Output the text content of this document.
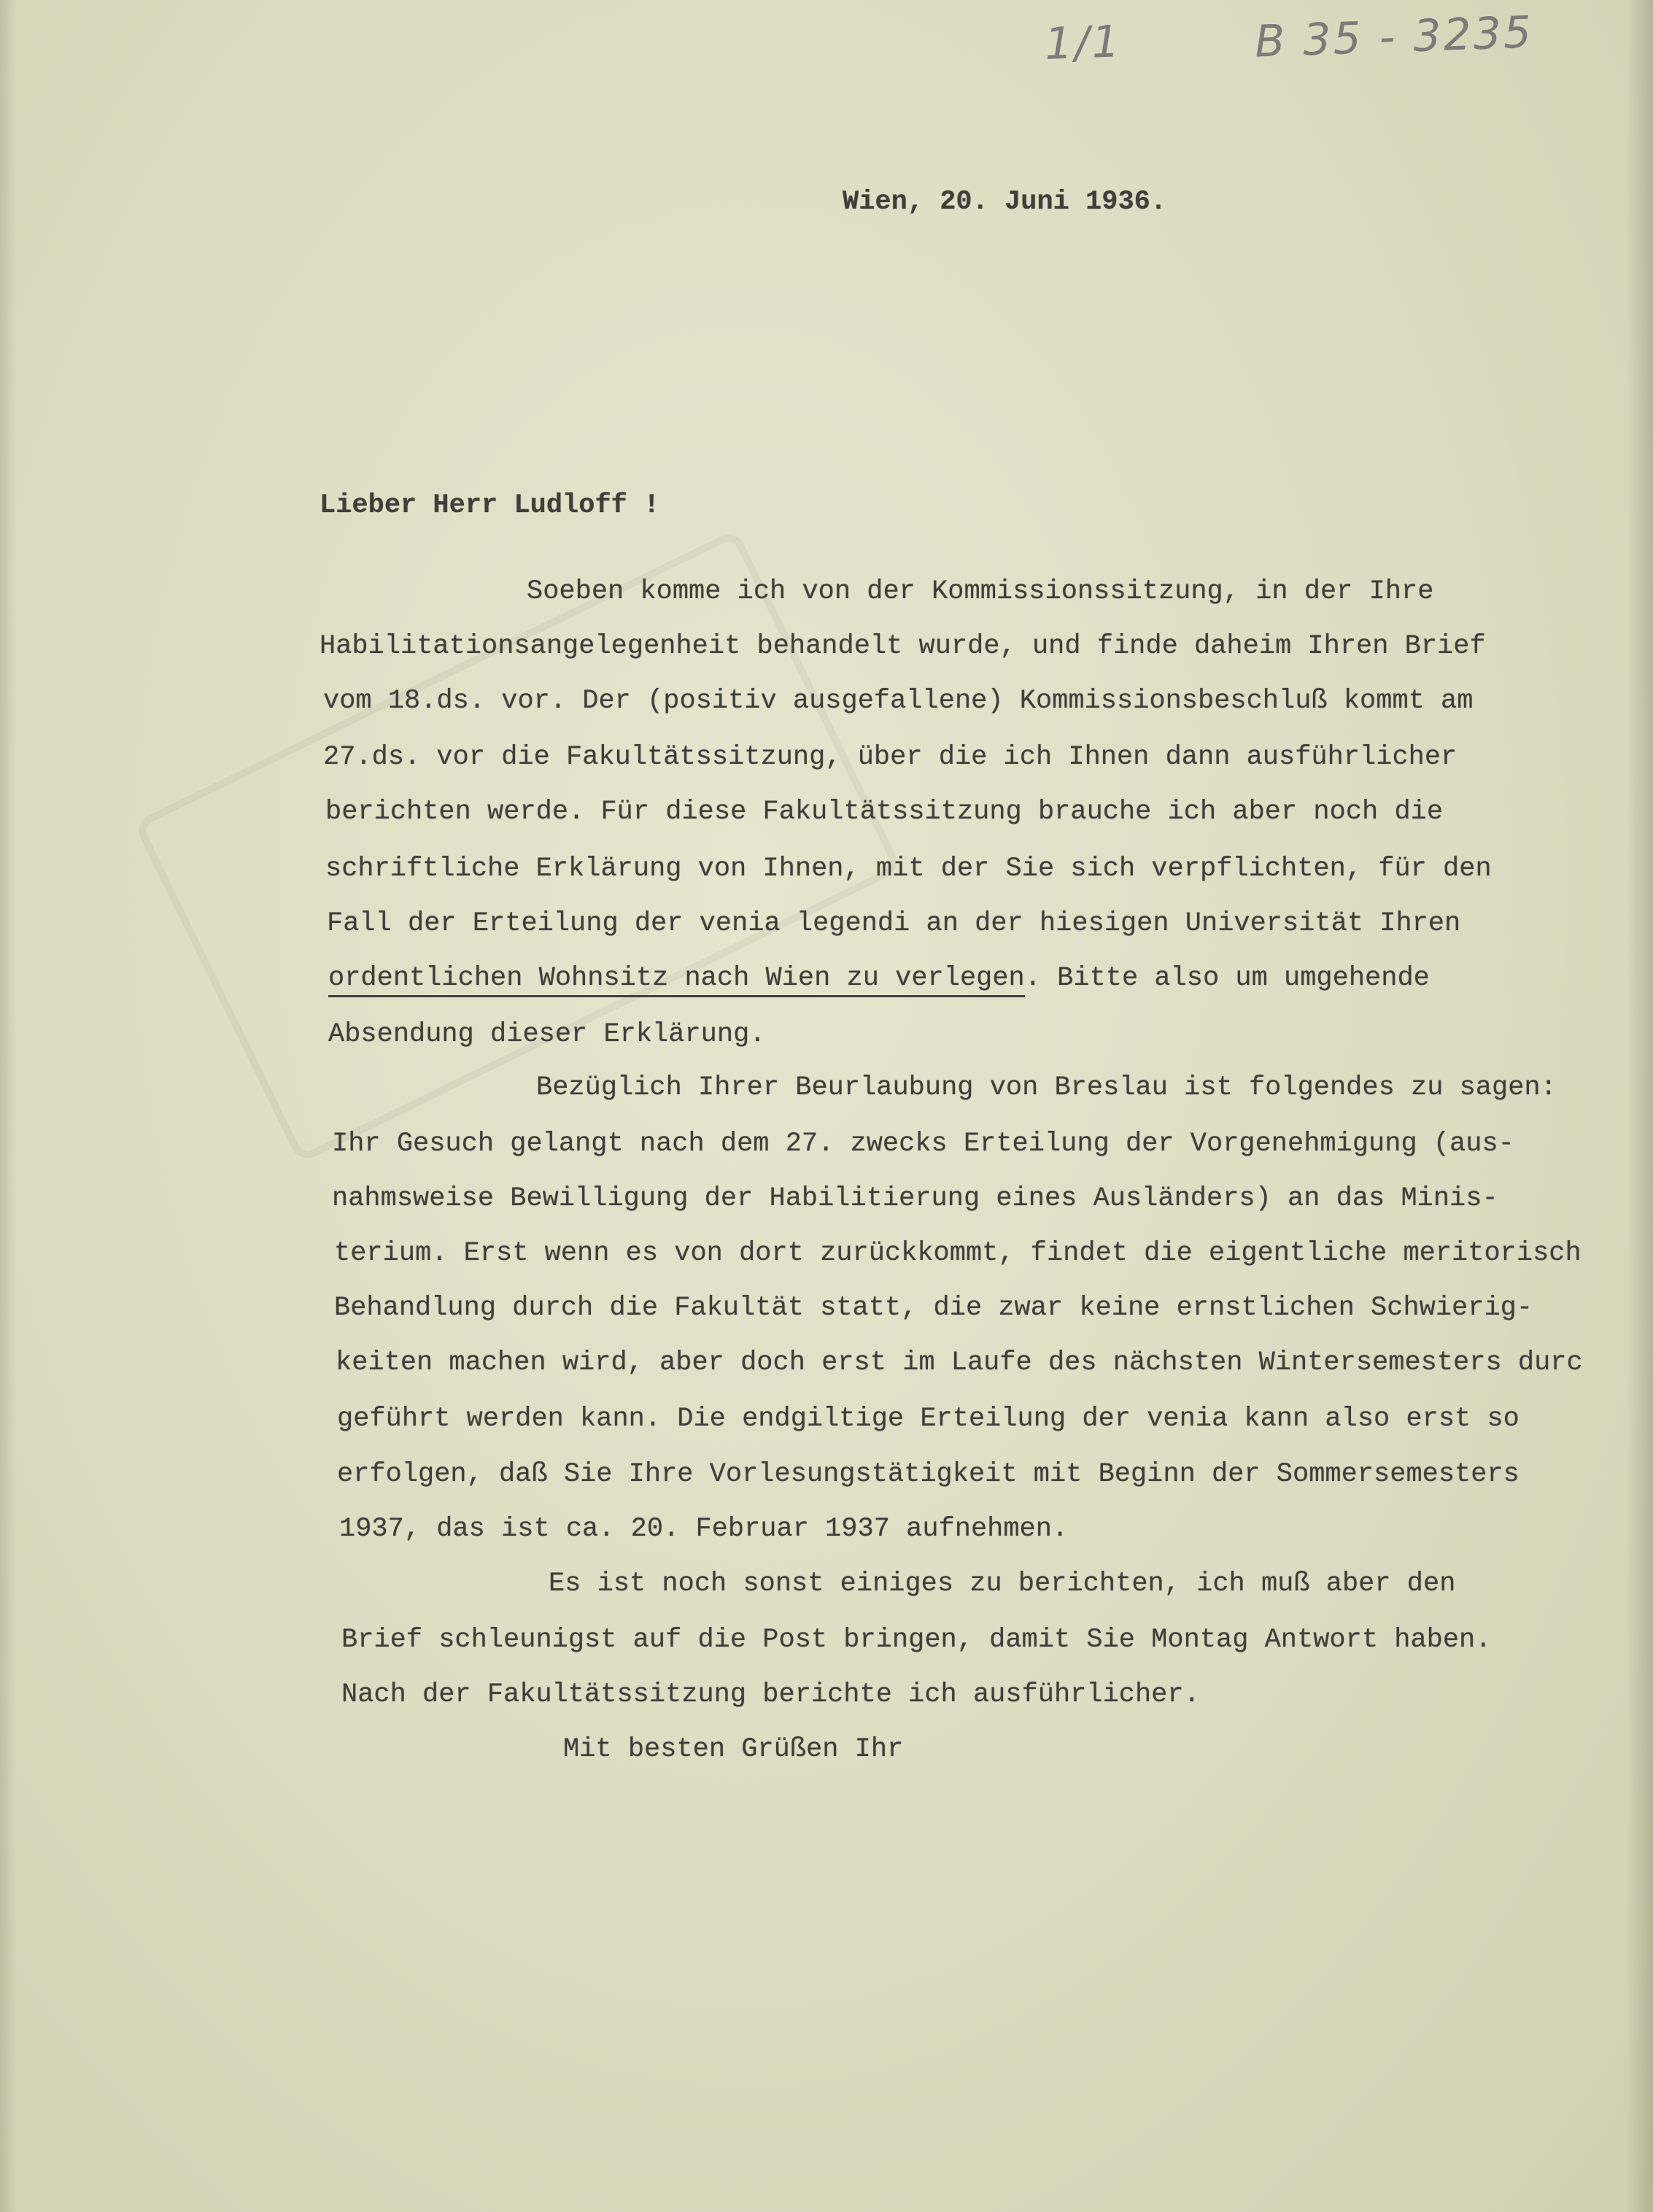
1/1	B 35 - 3235
Wien, 20. Juni 1936.
Lieber Herr Ludloff !
Soeben komme ich von der Kommissionssitzung, in der Ihre
Habilitationsangelegenheit behandelt wurde, und finde daheim Ihren Brief
vom 18.ds. vor. Der (positiv ausgefallene) Kommissionsbeschluß kommt am
27.ds. vor die Fakultätssitzung, über die ich Ihnen dann ausführlicher
berichten werde. Für diese Fakultätssitzung brauche ich aber noch die
schriftliche Erklärung von Ihnen, mit der Sie sich verpflichten, für den
Fall der Erteilung der venia legendi an der hiesigen Universität Ihren
ordentlichen Wohnsitz nach Wien zu verlegen. Bitte also um umgehende
Absendung dieser Erklärung.
Bezüglich Ihrer Beurlaubung von Breslau ist folgendes zu sagen:
Ihr Gesuch gelangt nach dem 27. zwecks Erteilung der Vorgenehmigung (aus-
nahmsweise Bewilligung der Habilitierung eines Ausländers) an das Minis-
terium. Erst wenn es von dort zurückkommt, findet die eigentliche meritorisch
Behandlung durch die Fakultät statt, die zwar keine ernstlichen Schwierig-
keiten machen wird, aber doch erst im Laufe des nächsten Wintersemesters durc
geführt werden kann. Die endgiltige Erteilung der venia kann also erst so
erfolgen, daß Sie Ihre Vorlesungstätigkeit mit Beginn der Sommersemesters
1937, das ist ca. 20. Februar 1937 aufnehmen.
Es ist noch sonst einiges zu berichten, ich muß aber den
Brief schleunigst auf die Post bringen, damit Sie Montag Antwort haben.
Nach der Fakultätssitzung berichte ich ausführlicher.
Mit besten Grüßen Ihr
